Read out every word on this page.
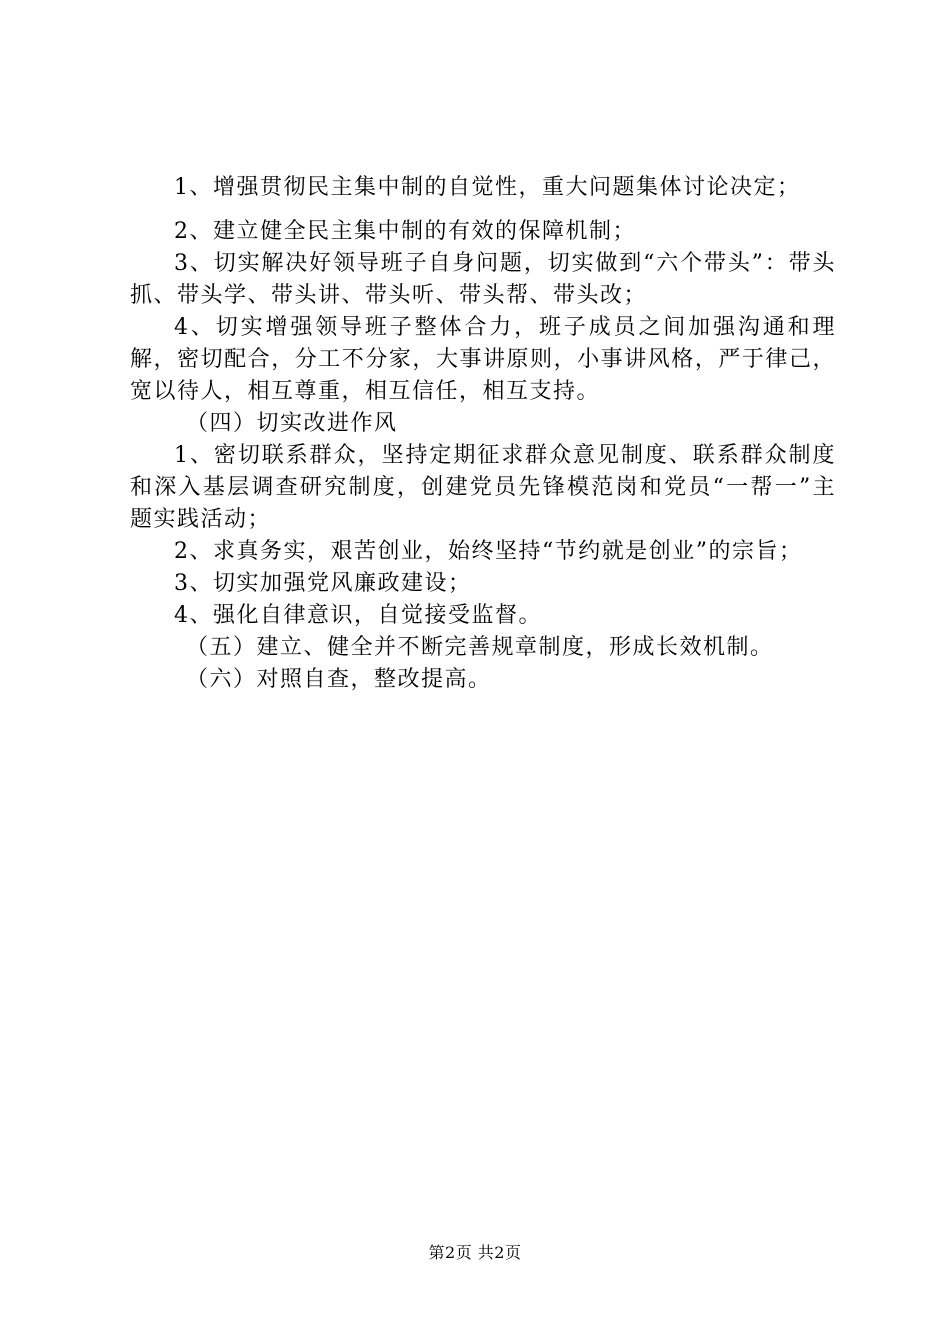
1、增强贯彻民主集中制的自觉性，重大问题集体讨论决定；

2、建立健全民主集中制的有效的保障机制；

3、切实解决好领导班子自身问题，切实做到“六个带头”：带头抓、带头学、带头讲、带头听、带头帮、带头改；

4、切实增强领导班子整体合力，班子成员之间加强沟通和理解，密切配合，分工不分家，大事讲原则，小事讲风格，严于律己，宽以待人，相互尊重，相互信任，相互支持。

（四）切实改进作风

1、密切联系群众，坚持定期征求群众意见制度、联系群众制度和深入基层调查研究制度，创建党员先锋模范岗和党员“一帮一”主题实践活动；

2、求真务实，艰苦创业，始终坚持“节约就是创业”的宗旨；

3、切实加强党风廉政建设；

4、强化自律意识，自觉接受监督。

（五）建立、健全并不断完善规章制度，形成长效机制。

（六）对照自查，整改提高。

第2页 共2页
